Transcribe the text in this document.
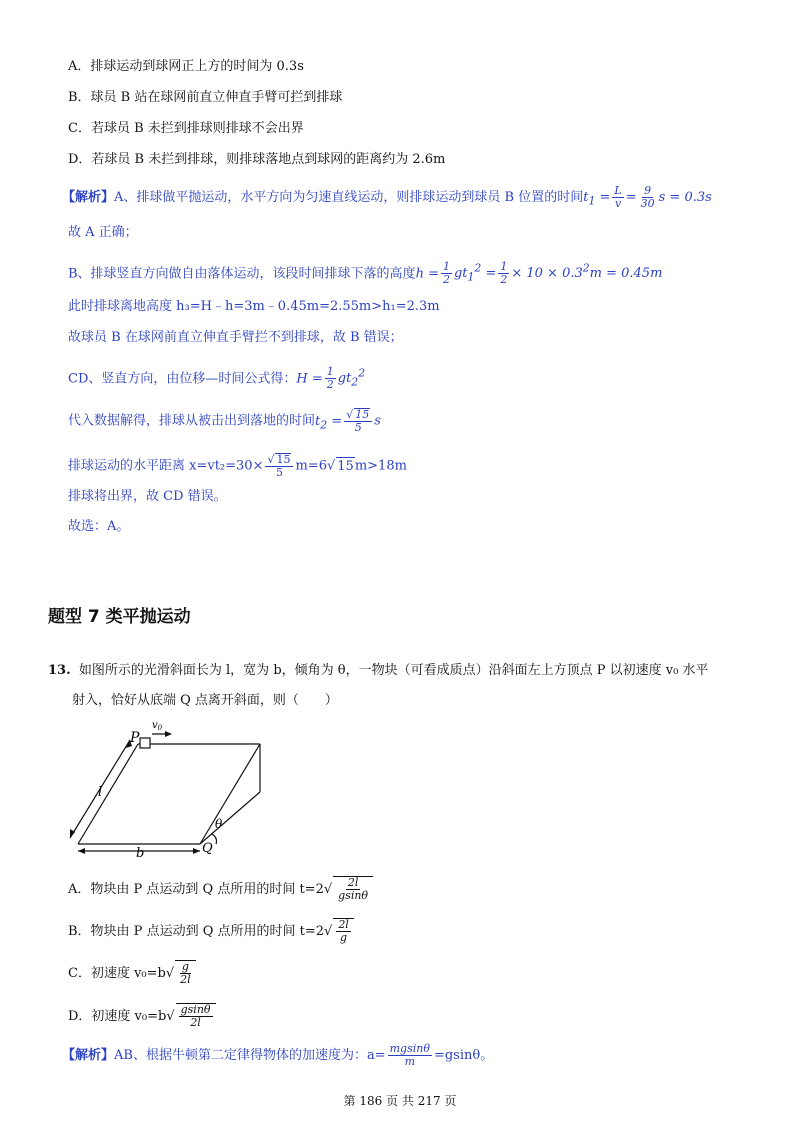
A．排球运动到球网正上方的时间为 0.3s
B．球员 B 站在球网前直立伸直手臂可拦到排球
C．若球员 B 未拦到排球则排球不会出界
D．若球员 B 未拦到排球，则排球落地点到球网的距离约为 2.6m
【解析】A、排球做平抛运动，水平方向为匀速直线运动，则排球运动到球员 B 位置的时间$t_1 = \frac{L}{v} = \frac{9}{30}$ s = 0.3s
故 A 正确；
B、排球竖直方向做自由落体运动，该段时间排球下落的高度$h = \frac{1}{2} gt_1^2 = \frac{1}{2} \times 10 \times 0.3^2m = 0.45m$
此时排球离地高度 h₃=H﹣h=3m﹣0.45m=2.55m>h₁=2.3m
故球员 B 在球网前直立伸直手臂拦不到排球，故 B 错误；
CD、竖直方向，由位移—时间公式得：$H = \frac{1}{2} gt_2^2$
代入数据解得，排球从被击出到落地的时间$t_2 = \frac{√ 15}{5}$ s
排球运动的水平距离 $x=vt_2=30\times \frac{√ 15}{5} m=6√$ 15m>18m
排球将出界，故 CD 错误。
故选：A。
题型 7 类平抛运动
13. 如图所示的光滑斜面长为 l，宽为 b，倾角为 θ，一物块（可看成质点）沿斜面左上方顶点 P 以初速度 v₀ 水平
射入，恰好从底端 Q 点离开斜面，则（　　）
P
$v_0$
l
b	Q
θ
A．物块由 P 点运动到 Q 点所用的时间 $t=2√ \frac{2l}{gsin\theta}$
B．物块由 P 点运动到 Q 点所用的时间 $t=2√ \frac{2l}{g}$
C．初速度 $v_0=b√ \frac{g}{2l}$
D．初速度 $v_0=b√ \frac{gsin\theta}{2l}$
【解析】AB、根据牛顿第二定律得物体的加速度为：$a= \frac{mgsin\theta}{m} =gsin\theta$。
第 186 页 共 217 页
